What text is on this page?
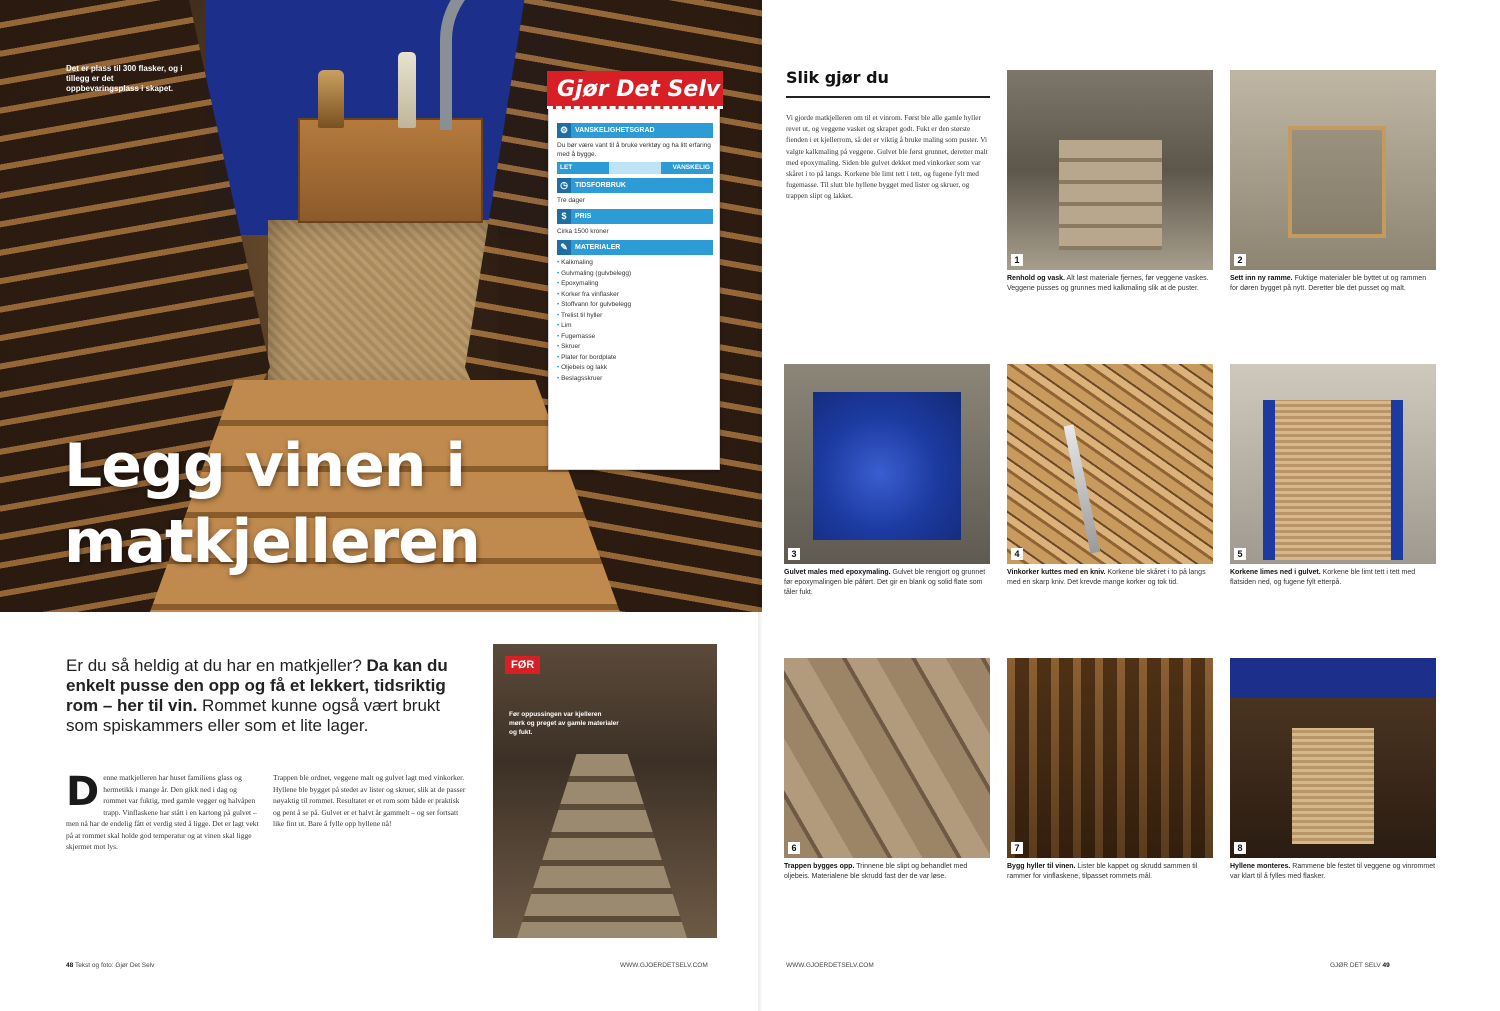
Det er plass til 300 flasker, og i tillegg er det oppbevaringsplass i skapet.
Legg vinen i
matkjelleren
Gjør Det Selv
⚙ VANSKELIGHETSGRAD
Du bør være vant til å bruke verktøy og ha litt erfaring med å bygge.
LET	VANSKELIG
◷	TIDSFORBRUK
Tre dager
$	PRIS
Cirka 1500 kroner
✎	MATERIALER
• Kalkmaling
• Gulvmaling (gulvbelegg)
• Epoxymaling
• Korker fra vinflasker
• Stoffvann for gulvbelegg
• Trelist til hyller
• Lim
• Fugemasse
• Skruer
• Plater for bordplate
• Oljebeis og lakk
• Beslagsskruer
Er du så heldig at du har en matkjeller? Da kan du enkelt pusse den opp og få et lekkert, tidsriktig rom – her til vin. Rommet kunne også vært brukt som spiskammers eller som et lite lager.
D enne matkjelleren har huset familiens glass og hermetikk i mange år. Den gikk ned i dag og rommet var fuktig, med gamle vegger og halvåpen trapp. Vinflaskene har stått i en kartong på gulvet – men nå har de endelig fått et verdig sted å ligge. Det er lagt vekt på at rommet skal holde god temperatur og at vinen skal ligge skjermet mot lys.
Trappen ble ordnet, veggene malt og gulvet lagt med vinkorker. Hyllene ble bygget på stedet av lister og skruer, slik at de passer nøyaktig til rommet. Resultatet er et rom som både er praktisk og pent å se på. Gulvet er et halvt år gammelt – og ser fortsatt like fint ut. Bare å fylle opp hyllene nå!
FØR
Før oppussingen var kjelleren mørk og preget av gamle materialer og fukt.
48 Tekst og foto: Gjør Det Selv	WWW.GJOERDETSELV.COM
Slik gjør du
Vi gjorde matkjelleren om til et vinrom. Først ble alle gamle hyller revet ut, og veggene vasket og skrapet godt. Fukt er den største fienden i et kjellerrom, så det er viktig å bruke maling som puster. Vi valgte kalkmaling på veggene. Gulvet ble først grunnet, deretter malt med epoxymaling. Siden ble gulvet dekket med vinkorker som var skåret i to på langs. Korkene ble limt tett i tett, og fugene fylt med fugemasse. Til slutt ble hyllene bygget med lister og skruer, og trappen slipt og lakket.
1
Renhold og vask. Alt løst materiale fjernes, før veggene vaskes. Veggene pusses og grunnes med kalkmaling slik at de puster.
2
Sett inn ny ramme. Fuktige materialer ble byttet ut og rammen for døren bygget på nytt. Deretter ble det pusset og malt.
3
Gulvet males med epoxymaling. Gulvet ble rengjort og grunnet før epoxymalingen ble påført. Det gir en blank og solid flate som tåler fukt.
4
Vinkorker kuttes med en kniv. Korkene ble skåret i to på langs med en skarp kniv. Det krevde mange korker og tok tid.
5
Korkene limes ned i gulvet. Korkene ble limt tett i tett med flatsiden ned, og fugene fylt etterpå.
6
Trappen bygges opp. Trinnene ble slipt og behandlet med oljebeis. Materialene ble skrudd fast der de var løse.
7
Bygg hyller til vinen. Lister ble kappet og skrudd sammen til rammer for vinflaskene, tilpasset rommets mål.
8
Hyllene monteres. Rammene ble festet til veggene og vinrommet var klart til å fylles med flasker.
WWW.GJOERDETSELV.COM	GJØR DET SELV 49
